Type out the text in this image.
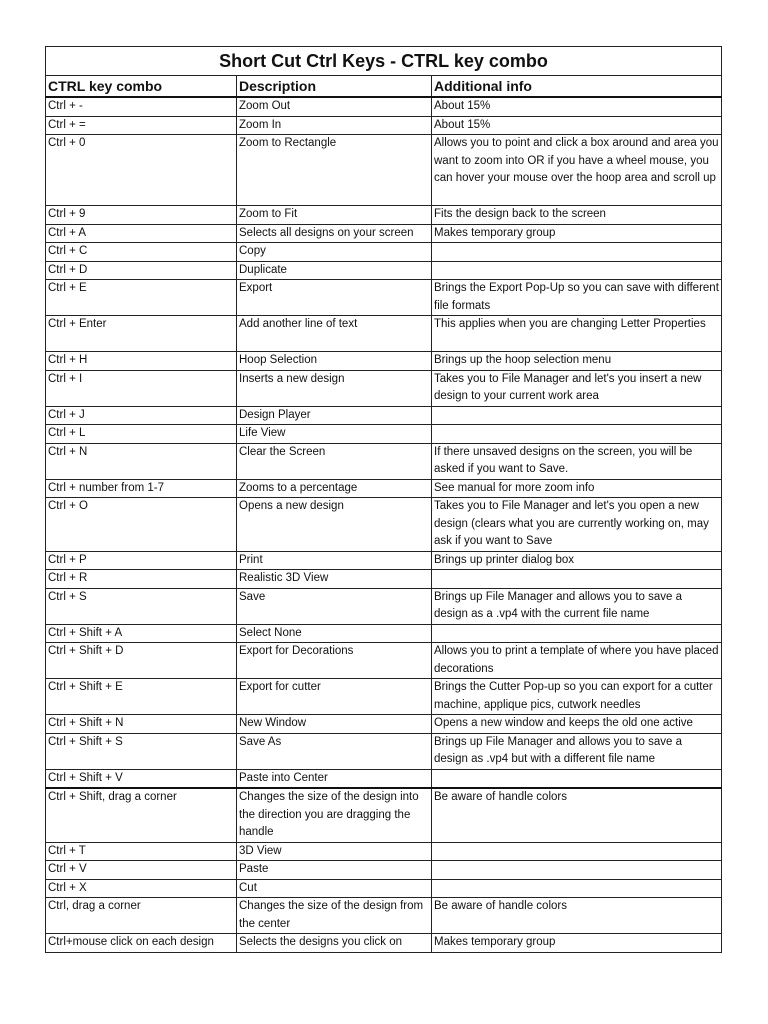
Short Cut Ctrl Keys - CTRL key combo		
CTRL key combo	Description	Additional info
Ctrl + -	Zoom Out	About 15%
Ctrl + =	Zoom In	About 15%
Ctrl + 0	Zoom to Rectangle	Allows you to point and click a box around and area you want to zoom into OR if you have a wheel mouse, you can hover your mouse over the hoop area and scroll up
Ctrl + 9	Zoom to Fit	Fits the design back to the screen
Ctrl + A	Selects all designs on your screen	Makes temporary group
Ctrl + C	Copy	
Ctrl + D	Duplicate	
Ctrl + E	Export	Brings the Export Pop-Up so you can save with different file formats
Ctrl + Enter	Add another line of text	This applies when you are changing Letter Properties
Ctrl + H	Hoop Selection	Brings up the hoop selection menu
Ctrl + I	Inserts a new design	Takes you to File Manager and let's you insert a new design to your current work area
Ctrl + J	Design Player	
Ctrl + L	Life View	
Ctrl + N	Clear the Screen	If there unsaved designs on the screen, you will be asked if you want to Save.
Ctrl + number from 1-7	Zooms to a percentage	See manual for more zoom info
Ctrl + O	Opens a new design	Takes you to File Manager and let's you open a new design (clears what you are currently working on, may ask if you want to Save
Ctrl + P	Print	Brings up printer dialog box
Ctrl + R	Realistic 3D View	
Ctrl + S	Save	Brings up File Manager and allows you to save a design as a .vp4 with the current file name
Ctrl + Shift + A	Select None	
Ctrl + Shift + D	Export for Decorations	Allows you to print a template of where you have placed decorations
Ctrl + Shift + E	Export for cutter	Brings the Cutter Pop-up so you can export for a cutter machine, applique pics, cutwork needles
Ctrl + Shift + N	New Window	Opens a new window and keeps the old one active
Ctrl + Shift + S	Save As	Brings up File Manager and allows you to save a design as .vp4 but with a different file name
Ctrl + Shift + V	Paste into Center	
Ctrl + Shift, drag a corner	Changes the size of the design into the direction you are dragging the handle	Be aware of handle colors
Ctrl + T	3D View	
Ctrl + V	Paste	
Ctrl + X	Cut	
Ctrl, drag a corner	Changes the size of the design from the center	Be aware of handle colors
Ctrl+mouse click on each design	Selects the designs you click on	Makes temporary group
